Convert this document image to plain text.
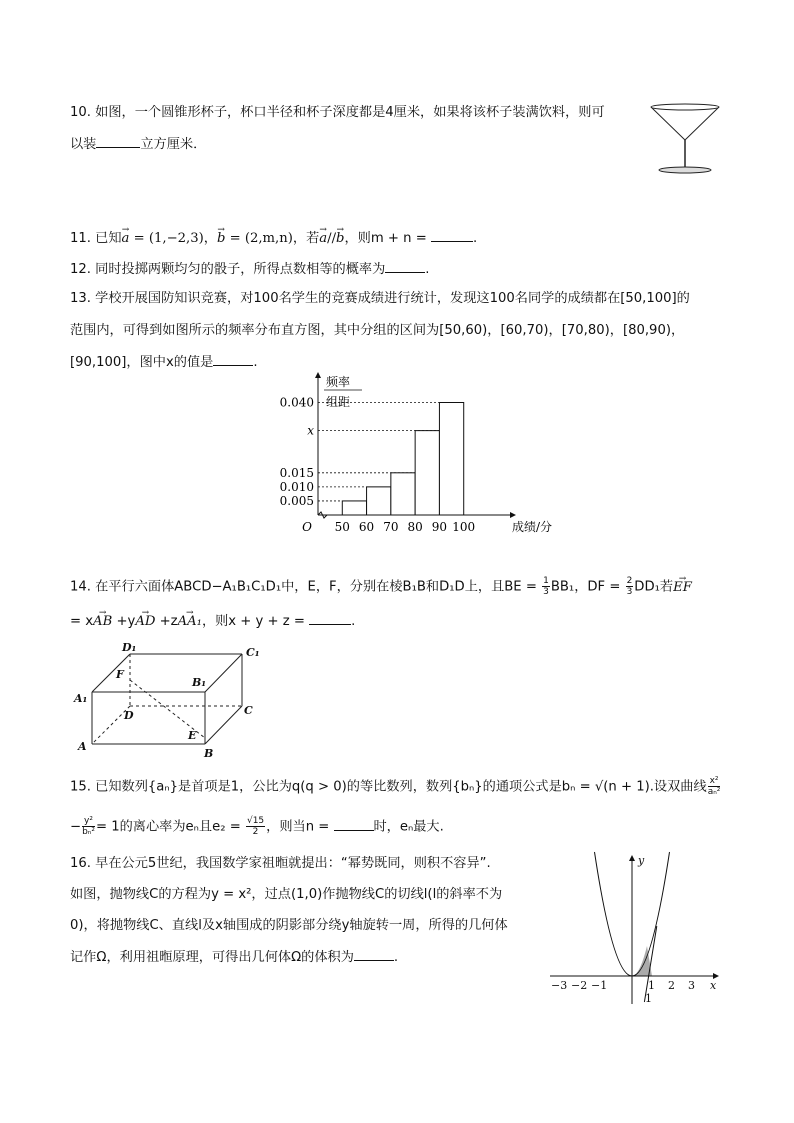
10. 如图，一个圆锥形杯子，杯口半径和杯子深度都是4厘米，如果将该杯子装满饮料，则可
以装	立方厘米．
11. 已知→ a = (1,−2,3)，→ b = (2,m,n)，若→ a//→ b，则m + n =	.
12. 同时投掷两颗均匀的骰子，所得点数相等的概率为	.
13. 学校开展国防知识竞赛，对100名学生的竞赛成绩进行统计，发现这100名同学的成绩都在[50,100]的
范围内，可得到如图所示的频率分布直方图，其中分组的区间为[50,60)，[60,70)，[70,80)，[80,90)，
[90,100]，图中x的值是	.
0.005
0.010
0.015
x
0.040
50 60 70 80 90 100
O	成绩/分
频率
组距
14. 在平行六面体ABCD−A₁B₁C₁D₁中，E，F，分别在棱B₁B和D₁D上，且BE = $\frac{1}{3} BB_1$，DF = $\frac{2}{3} DD_1$若→ EF
= x→ AB +y→ AD +z→ AA₁，则x + y + z =	.
D₁	C₁
A₁
B₁
F
D	C
E
A
B
15. 已知数列{aₙ}是首项是1，公比为q(q > 0)的等比数列，数列{bₙ}的通项公式是bₙ = √(n + 1).设双曲线 $\frac{\text{x²}}{\text{aₙ²}}$
− $\frac{\text{y²}}{\text{bₙ²}} = 1$的离心率为eₙ且$e_2 = \frac{√15}{2}$ ，则当n =	时，eₙ最大.
16. 早在公元5世纪，我国数学家祖暅就提出：“幂势既同，则积不容异”.
如图，抛物线C的方程为y = x²，过点(1,0)作抛物线C的切线l(l的斜率不为
0)，将抛物线C、直线l及x轴围成的阴影部分绕y轴旋转一周，所得的几何体
记作Ω，利用祖暅原理，可得出几何体Ω的体积为	.
y
x
−3 −2 −1	1 2 3
1
